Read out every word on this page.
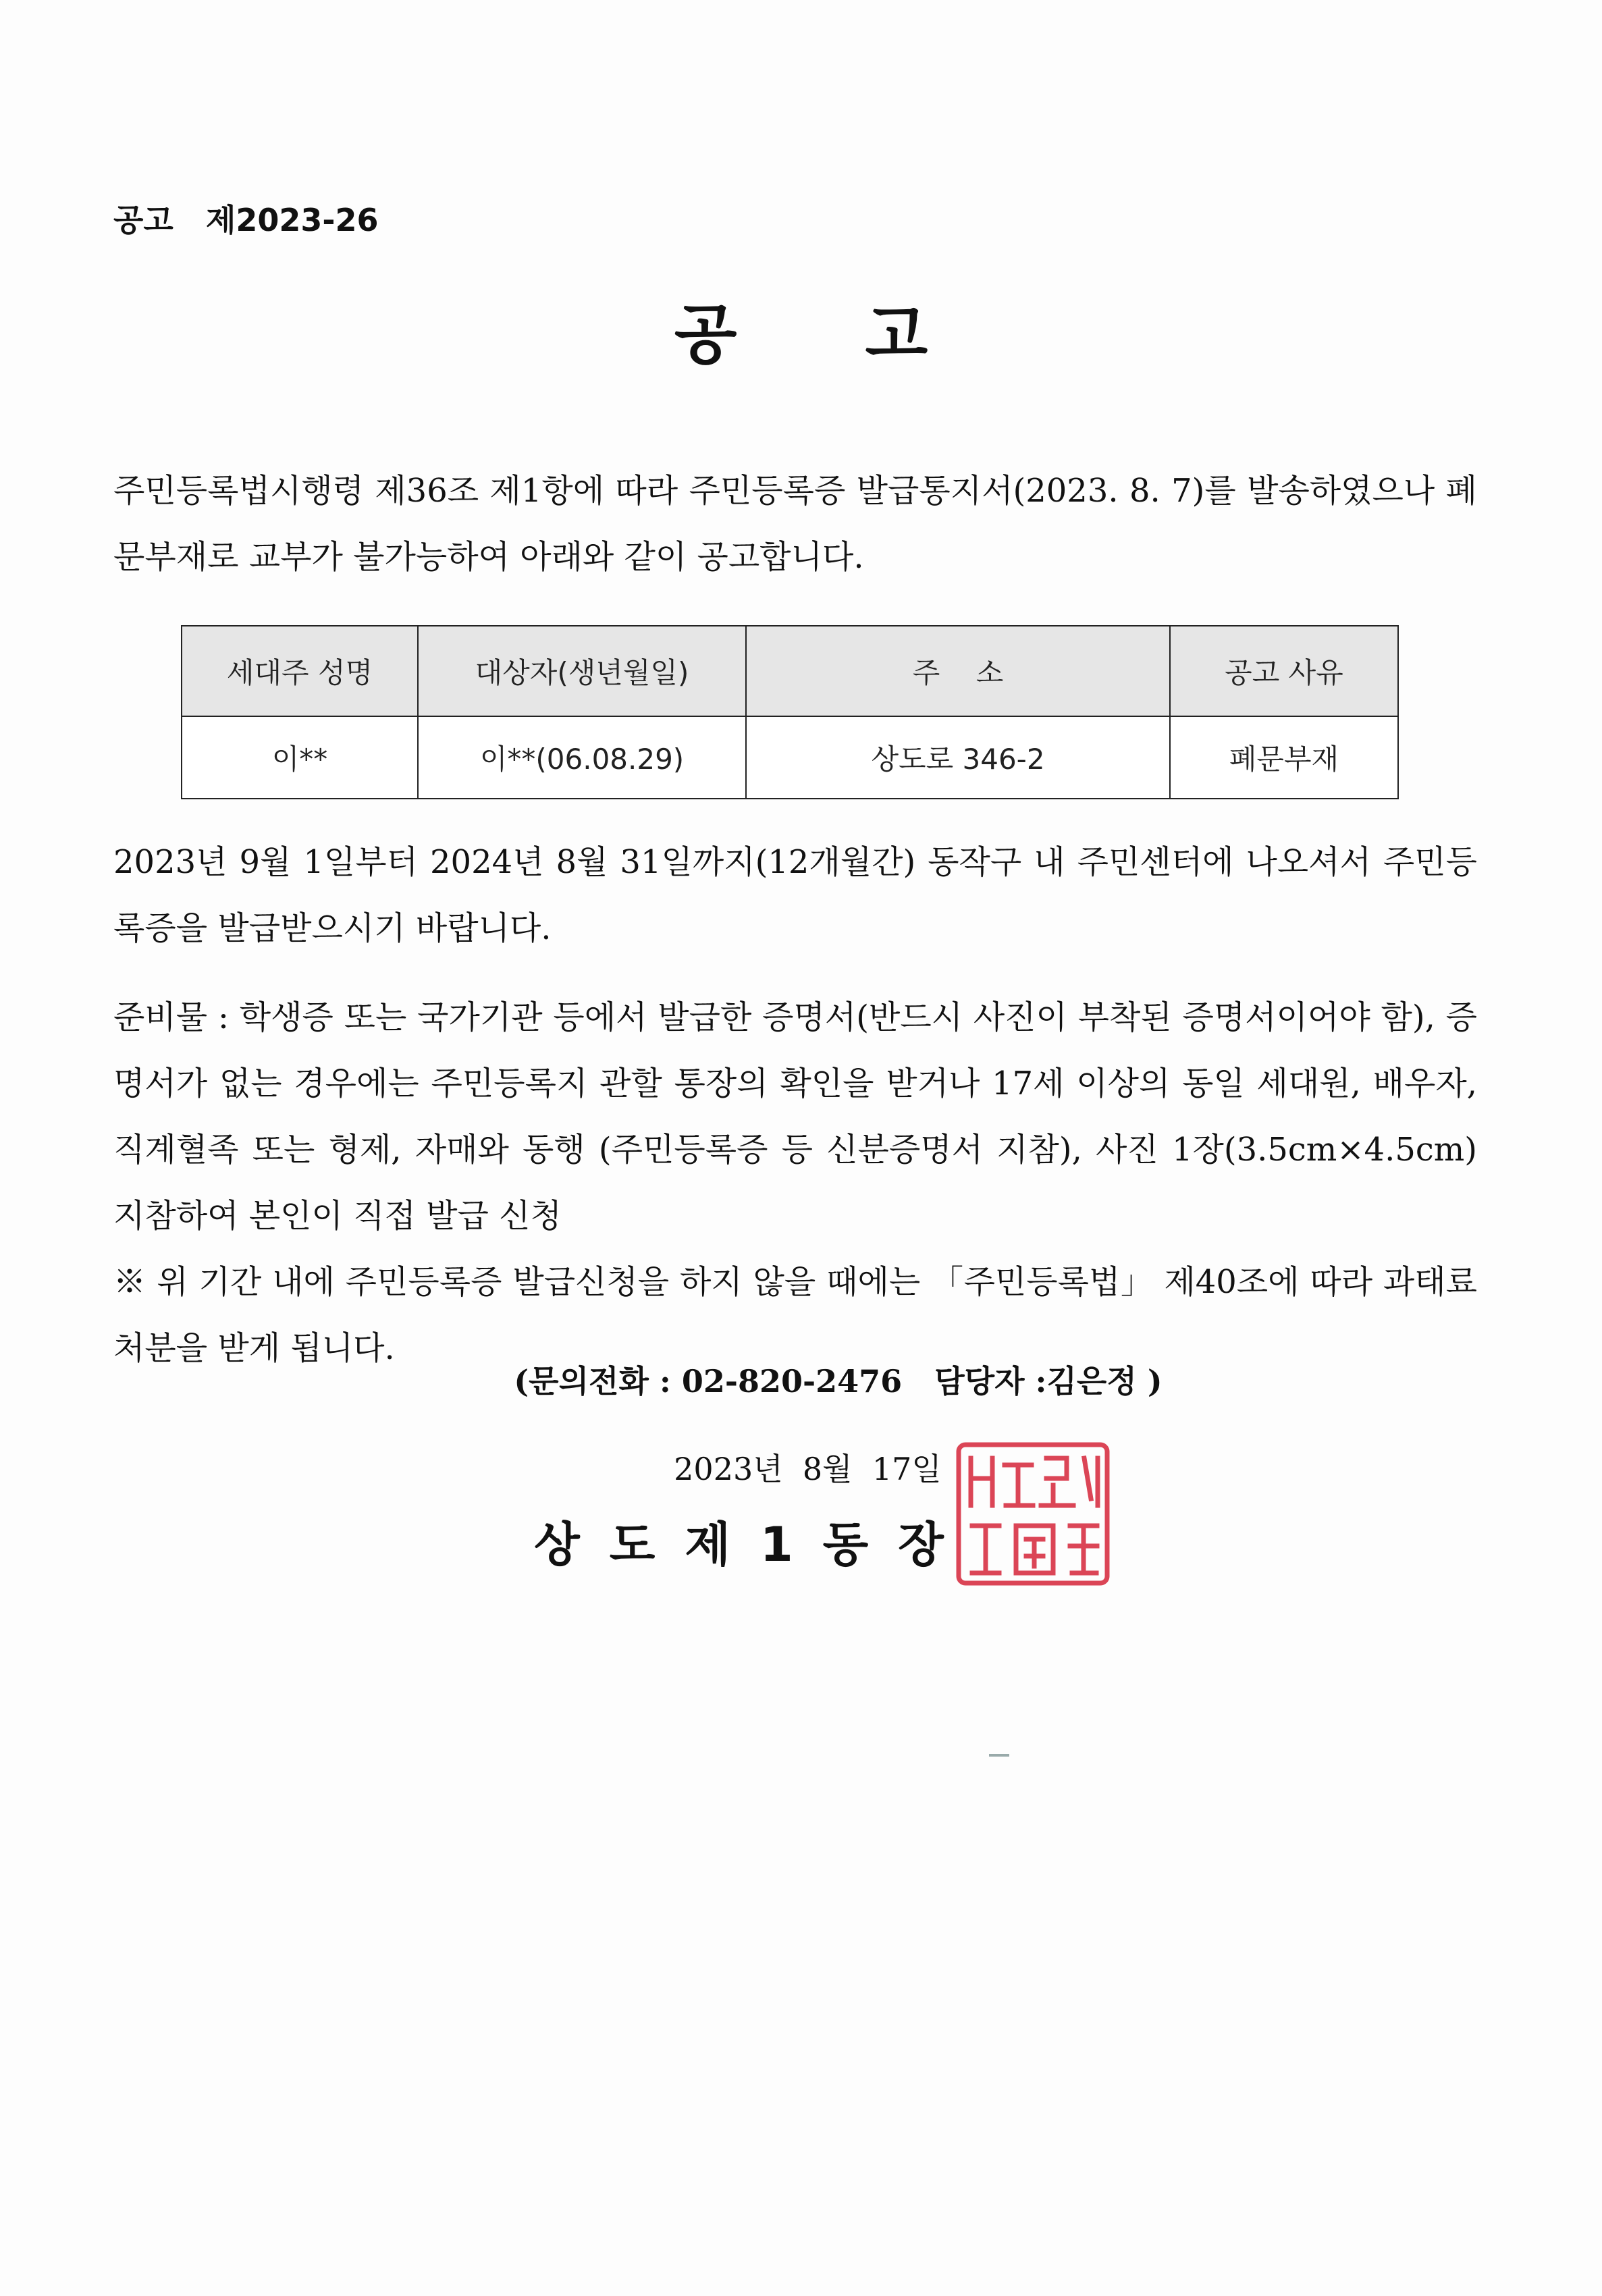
공고   제2023-26
공고
주민등록법시행령 제36조 제1항에 따라 주민등록증 발급통지서(2023. 8. 7)를 발송하였으나 폐문부재로 교부가 불가능하여 아래와 같이 공고합니다.
세대주 성명	대상자(생년월일)	주    소	공고 사유
이**	이**(06.08.29)	상도로 346-2	폐문부재
2023년 9월 1일부터 2024년 8월 31일까지(12개월간) 동작구 내 주민센터에 나오셔서 주민등록증을 발급받으시기 바랍니다.
준비물 : 학생증 또는 국가기관 등에서 발급한 증명서(반드시 사진이 부착된 증명서이어야 함), 증명서가 없는 경우에는 주민등록지 관할 통장의 확인을 받거나 17세 이상의 동일 세대원, 배우자, 직계혈족 또는 형제, 자매와 동행 (주민등록증 등 신분증명서 지참), 사진 1장(3.5cm×4.5cm) 지참하여 본인이 직접 발급 신청
※ 위 기간 내에 주민등록증 발급신청을 하지 않을 때에는 「주민등록법」 제40조에 따라 과태료 처분을 받게 됩니다.
(문의전화 : 02-820-2476   담당자 :김은정 )
2023년  8월  17일
상도제1동장
